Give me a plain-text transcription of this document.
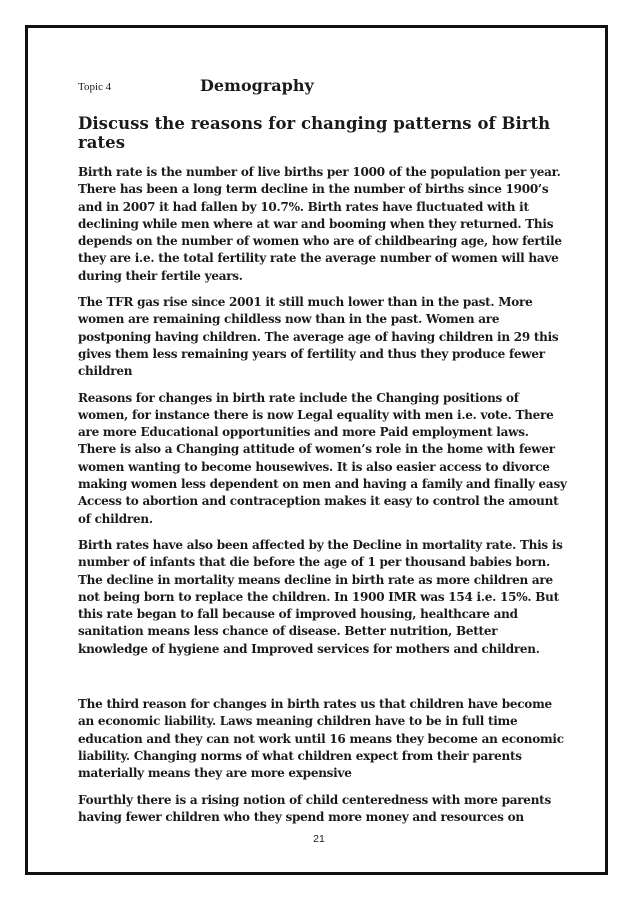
Topic 4	Demography
Discuss the reasons for changing patterns of Birth rates

Birth rate is the number of live births per 1000 of the population per year. There has been a long term decline in the number of births since 1900’s and in 2007 it had fallen by 10.7%. Birth rates have fluctuated with it declining while men where at war and booming when they returned. This depends on the number of women who are of childbearing age, how fertile they are i.e. the total fertility rate the average number of women will have during their fertile years.

The TFR gas rise since 2001 it still much lower than in the past. More women are remaining childless now than in the past. Women are postponing having children. The average age of having children in 29 this gives them less remaining years of fertility and thus they produce fewer children

Reasons for changes in birth rate include the Changing positions of women, for instance there is now Legal equality with men i.e. vote. There are more Educational opportunities and more Paid employment laws. There is also a Changing attitude of women’s role in the home with fewer women wanting to become housewives. It is also easier access to divorce making women less dependent on men and having a family and finally easy Access to abortion and contraception makes it easy to control the amount of children.

Birth rates have also been affected by the Decline in mortality rate. This is number of infants that die before the age of 1 per thousand babies born. The decline in mortality means decline in birth rate as more children are not being born to replace the children. In 1900 IMR was 154 i.e. 15%. But this rate began to fall because of improved housing, healthcare and sanitation means less chance of disease. Better nutrition, Better knowledge of hygiene and Improved services for mothers and children.

The third reason for changes in birth rates us that children have become an economic liability. Laws meaning children have to be in full time education and they can not work until 16 means they become an economic liability. Changing norms of what children expect from their parents materially means they are more expensive

Fourthly there is a rising notion of child centeredness with more parents having fewer children who they spend more money and resources on

21
